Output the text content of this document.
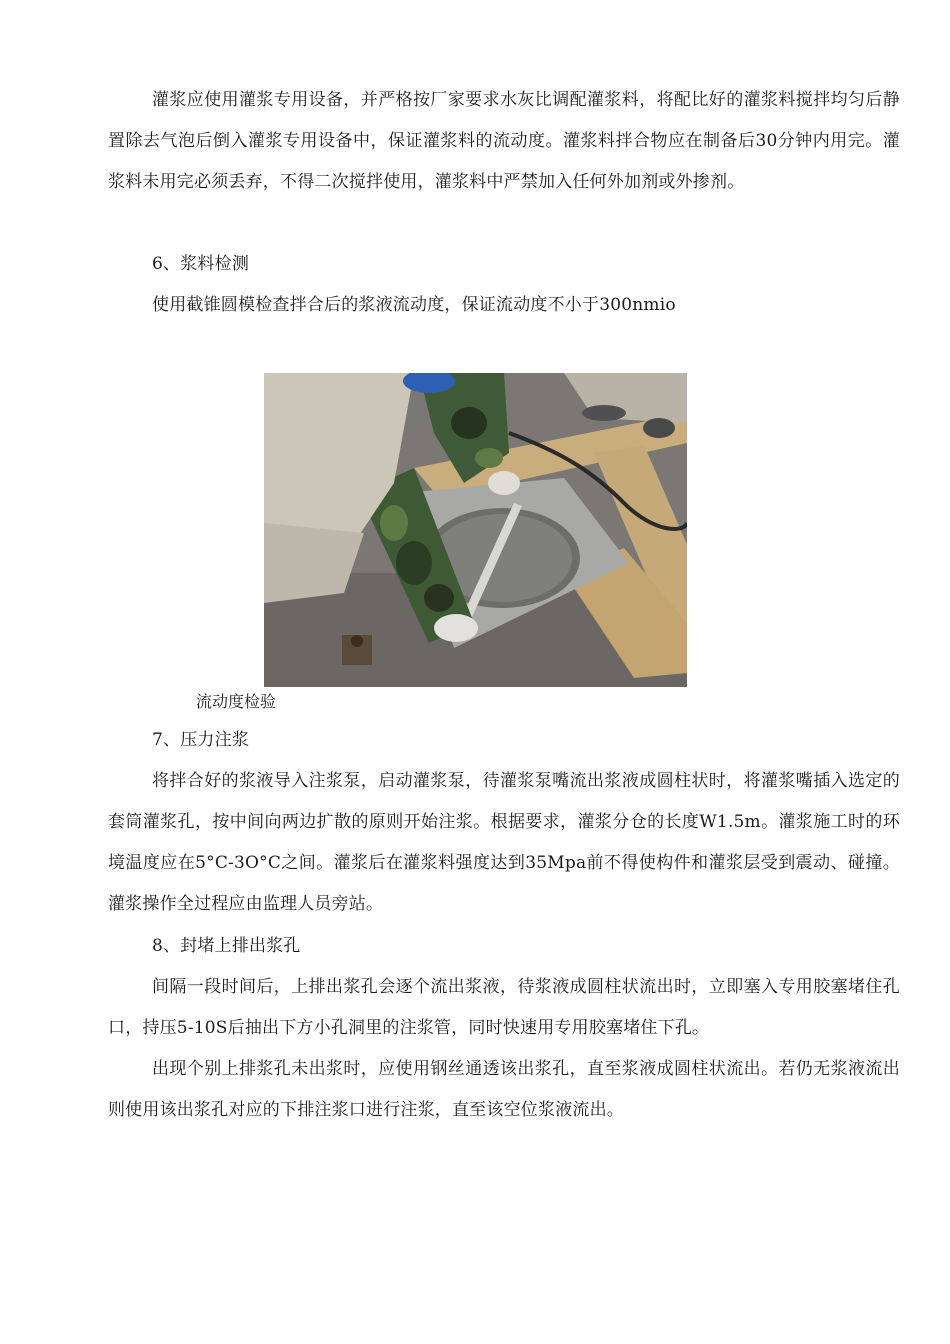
灌浆应使用灌浆专用设备，并严格按厂家要求水灰比调配灌浆料，将配比好的灌浆料搅拌均匀后静置除去气泡后倒入灌浆专用设备中，保证灌浆料的流动度。灌浆料拌合物应在制备后30分钟内用完。灌浆料未用完必须丢弃，不得二次搅拌使用，灌浆料中严禁加入任何外加剂或外掺剂。

6、浆料检测

使用截锥圆模检查拌合后的浆液流动度，保证流动度不小于300nmio

流动度检验

7、压力注浆

将拌合好的浆液导入注浆泵，启动灌浆泵，待灌浆泵嘴流出浆液成圆柱状时，将灌浆嘴插入选定的套筒灌浆孔，按中间向两边扩散的原则开始注浆。根据要求，灌浆分仓的长度W1.5m。灌浆施工时的环境温度应在5°C-3O°C之间。灌浆后在灌浆料强度达到35Mpa前不得使构件和灌浆层受到震动、碰撞。灌浆操作全过程应由监理人员旁站。

8、封堵上排出浆孔

间隔一段时间后，上排出浆孔会逐个流出浆液，待浆液成圆柱状流出时，立即塞入专用胶塞堵住孔口，持压5-10S后抽出下方小孔洞里的注浆管，同时快速用专用胶塞堵住下孔。

出现个别上排浆孔未出浆时，应使用钢丝通透该出浆孔，直至浆液成圆柱状流出。若仍无浆液流出则使用该出浆孔对应的下排注浆口进行注浆，直至该空位浆液流出。
